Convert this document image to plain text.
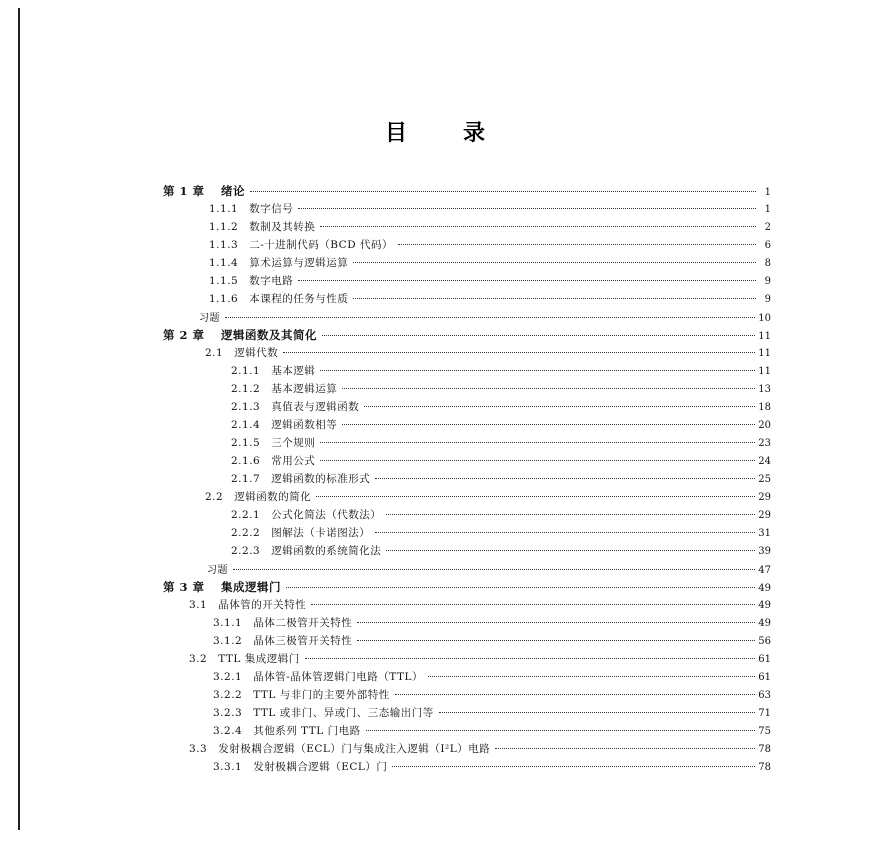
目	录
第 1 章　 绪论	1
1.1.1　数字信号	1
1.1.2　数制及其转换	2
1.1.3　二-十进制代码（BCD 代码）	6
1.1.4　算术运算与逻辑运算	8
1.1.5　数字电路	9
1.1.6　本课程的任务与性质	9
习题	10
第 2 章　 逻辑函数及其简化	11
2.1　逻辑代数	11
2.1.1　基本逻辑	11
2.1.2　基本逻辑运算	13
2.1.3　真值表与逻辑函数	18
2.1.4　逻辑函数相等	20
2.1.5　三个规则	23
2.1.6　常用公式	24
2.1.7　逻辑函数的标准形式	25
2.2　逻辑函数的简化	29
2.2.1　公式化简法（代数法）	29
2.2.2　图解法（卡诺图法）	31
2.2.3　逻辑函数的系统简化法	39
习题	47
第 3 章　 集成逻辑门	49
3.1　晶体管的开关特性	49
3.1.1　晶体二极管开关特性	49
3.1.2　晶体三极管开关特性	56
3.2　TTL 集成逻辑门	61
3.2.1　晶体管-晶体管逻辑门电路（TTL）	61
3.2.2　TTL 与非门的主要外部特性	63
3.2.3　TTL 或非门、异或门、三态输出门等	71
3.2.4　其他系列 TTL 门电路	75
3.3　发射极耦合逻辑（ECL）门与集成注入逻辑（I²L）电路	78
3.3.1　发射极耦合逻辑（ECL）门	78
